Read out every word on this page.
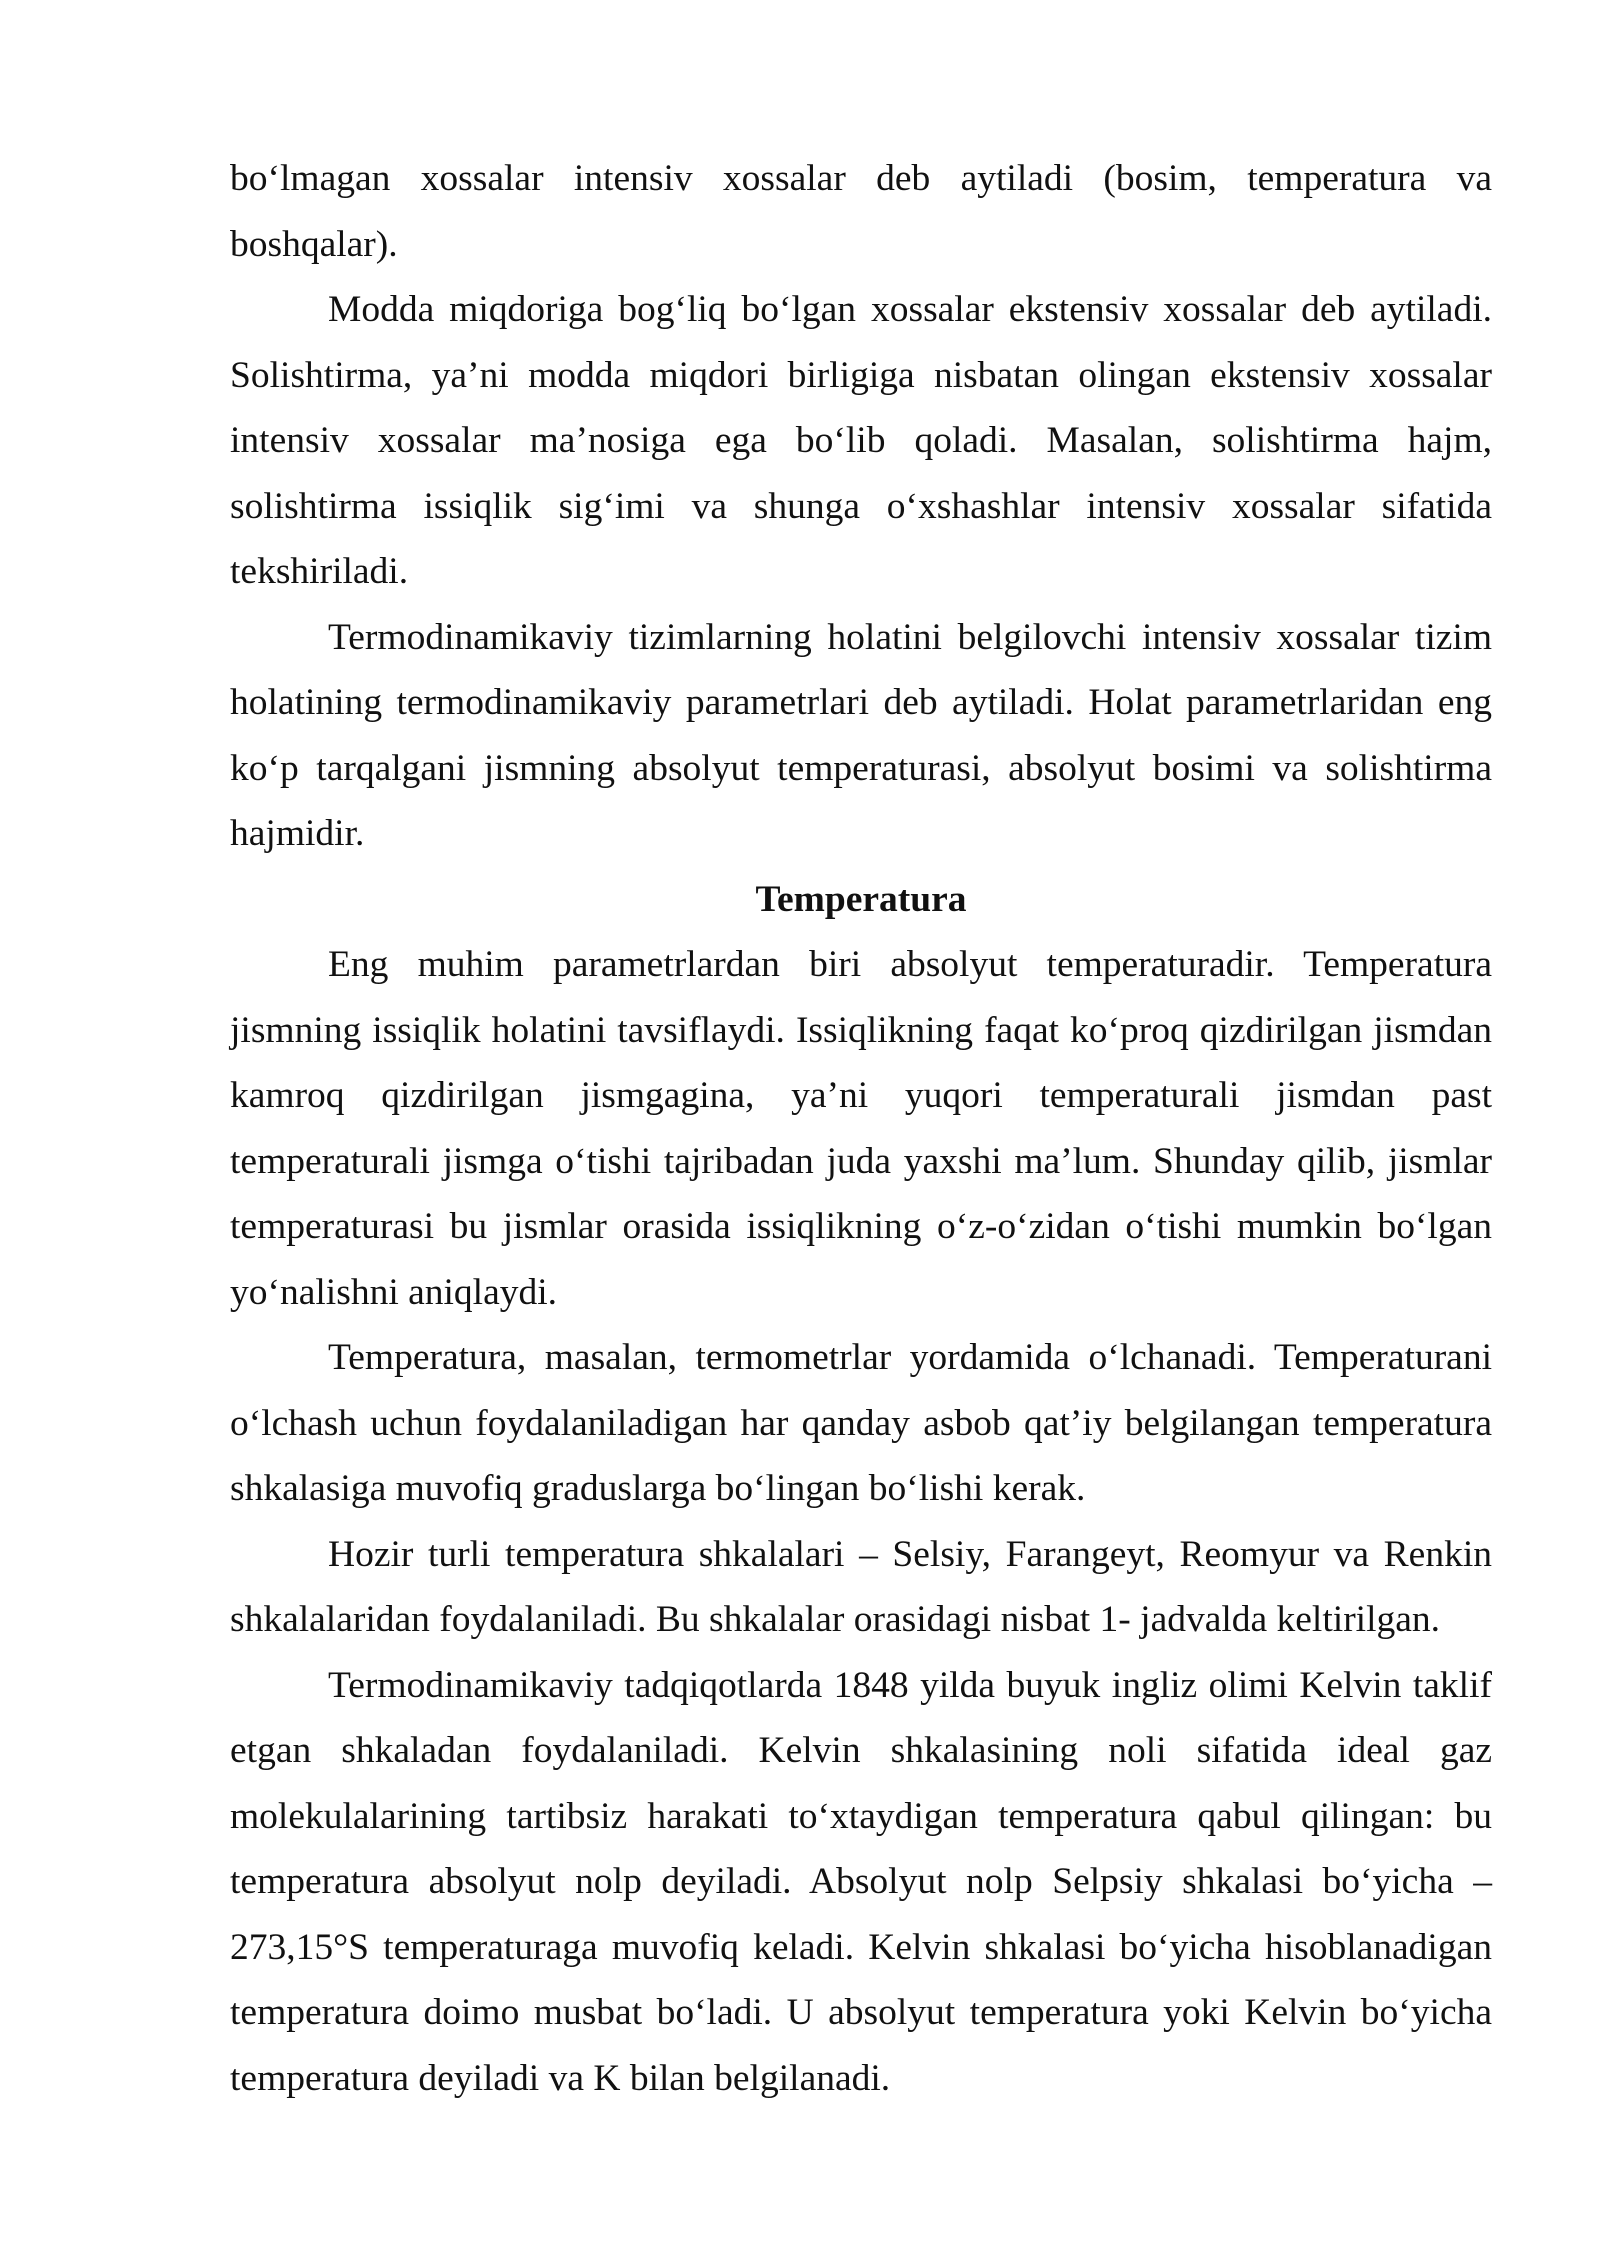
bo‘lmagan xossalar intensiv xossalar deb aytiladi (bosim, temperatura va boshqalar).

Modda miqdoriga bog‘liq bo‘lgan xossalar ekstensiv xossalar deb aytiladi. Solishtirma, ya’ni modda miqdori birligiga nisbatan olingan ekstensiv xossalar intensiv xossalar ma’nosiga ega bo‘lib qoladi. Masalan, solishtirma hajm, solishtirma issiqlik sig‘imi va shunga o‘xshashlar intensiv xossalar sifatida tekshiriladi.

Termodinamikaviy tizimlarning holatini belgilovchi intensiv xossalar tizim holatining termodinamikaviy parametrlari deb aytiladi. Holat parametrlaridan eng ko‘p tarqalgani jismning absolyut temperaturasi, absolyut bosimi va solishtirma hajmidir.

Temperatura

Eng muhim parametrlardan biri absolyut temperaturadir. Temperatura jismning issiqlik holatini tavsiflaydi. Issiqlikning faqat ko‘proq qizdirilgan jismdan kamroq qizdirilgan jismgagina, ya’ni yuqori temperaturali jismdan past temperaturali jismga o‘tishi tajribadan juda yaxshi ma’lum. Shunday qilib, jismlar temperaturasi bu jismlar orasida issiqlikning o‘z-o‘zidan o‘tishi mumkin bo‘lgan yo‘nalishni aniqlaydi.

Temperatura, masalan, termometrlar yordamida o‘lchanadi. Temperaturani o‘lchash uchun foydalaniladigan har qanday asbob qat’iy belgilangan temperatura shkalasiga muvofiq graduslarga bo‘lingan bo‘lishi kerak.

Hozir turli temperatura shkalalari – Selsiy, Farangeyt, Reomyur va Renkin shkalalaridan foydalaniladi. Bu shkalalar orasidagi nisbat 1- jadvalda keltirilgan.

Termodinamikaviy tadqiqotlarda 1848 yilda buyuk ingliz olimi Kelvin taklif etgan shkaladan foydalaniladi. Kelvin shkalasining noli sifatida ideal gaz molekulalarining tartibsiz harakati to‘xtaydigan temperatura qabul qilingan: bu temperatura absolyut nolp deyiladi. Absolyut nolp Selpsiy shkalasi bo‘yicha – 273,15°S temperaturaga muvofiq keladi. Kelvin shkalasi bo‘yicha hisoblanadigan temperatura doimo musbat bo‘ladi. U absolyut temperatura yoki Kelvin bo‘yicha temperatura deyiladi va K bilan belgilanadi.
